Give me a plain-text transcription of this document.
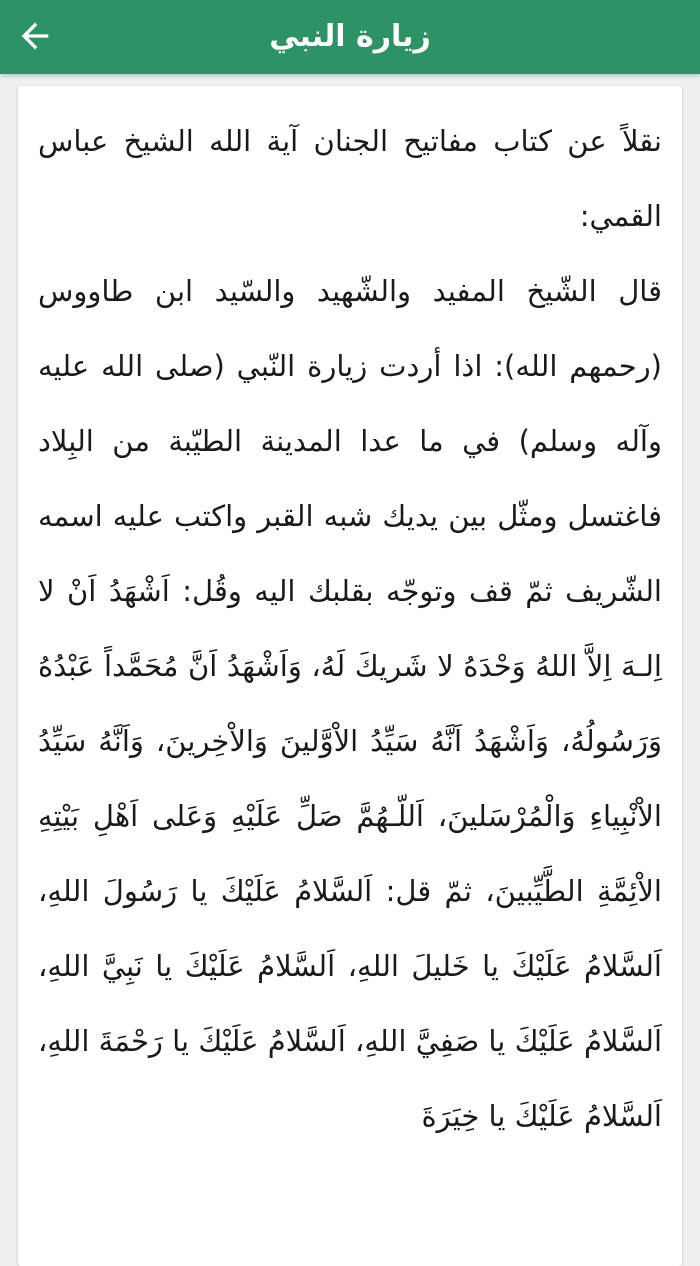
زيارة النبي

نقلاً عن كتاب مفاتيح الجنان آية الله الشيخ عباس القمي:

قال الشّيخ المفيد والشّهيد والسّيد ابن طاووس (رحمهم الله): اذا أردت زيارة النّبي (صلى الله عليه وآله وسلم) في ما عدا المدينة الطيّبة من البِلاد فاغتسل ومثّل بين يديك شبه القبر واكتب عليه اسمه الشّريف ثمّ قف وتوجّه بقلبك اليه وقُل: اَشْهَدُ اَنْ لا اِلـهَ اِلاَّ اللهُ وَحْدَهُ لا شَريكَ لَهُ، وَاَشْهَدُ اَنَّ مُحَمَّداً عَبْدُهُ وَرَسُولُهُ، وَاَشْهَدُ اَنَّهُ سَيِّدُ الاْوَّلينَ وَالاْخِرينَ، وَاَنَّهُ سَيِّدُ الاْنْبِياءِ وَالْمُرْسَلينَ، اَللّـهُمَّ صَلِّ عَلَيْهِ وَعَلى اَهْلِ بَيْتِهِ الاْئِمَّةِ الطَّيِّبينَ، ثمّ قل: اَلسَّلامُ عَلَيْكَ يا رَسُولَ اللهِ، اَلسَّلامُ عَلَيْكَ يا خَليلَ اللهِ، اَلسَّلامُ عَلَيْكَ يا نَبِيَّ اللهِ، اَلسَّلامُ عَلَيْكَ يا صَفِيَّ اللهِ، اَلسَّلامُ عَلَيْكَ يا رَحْمَةَ اللهِ، اَلسَّلامُ عَلَيْكَ يا خِيَرَةَ
